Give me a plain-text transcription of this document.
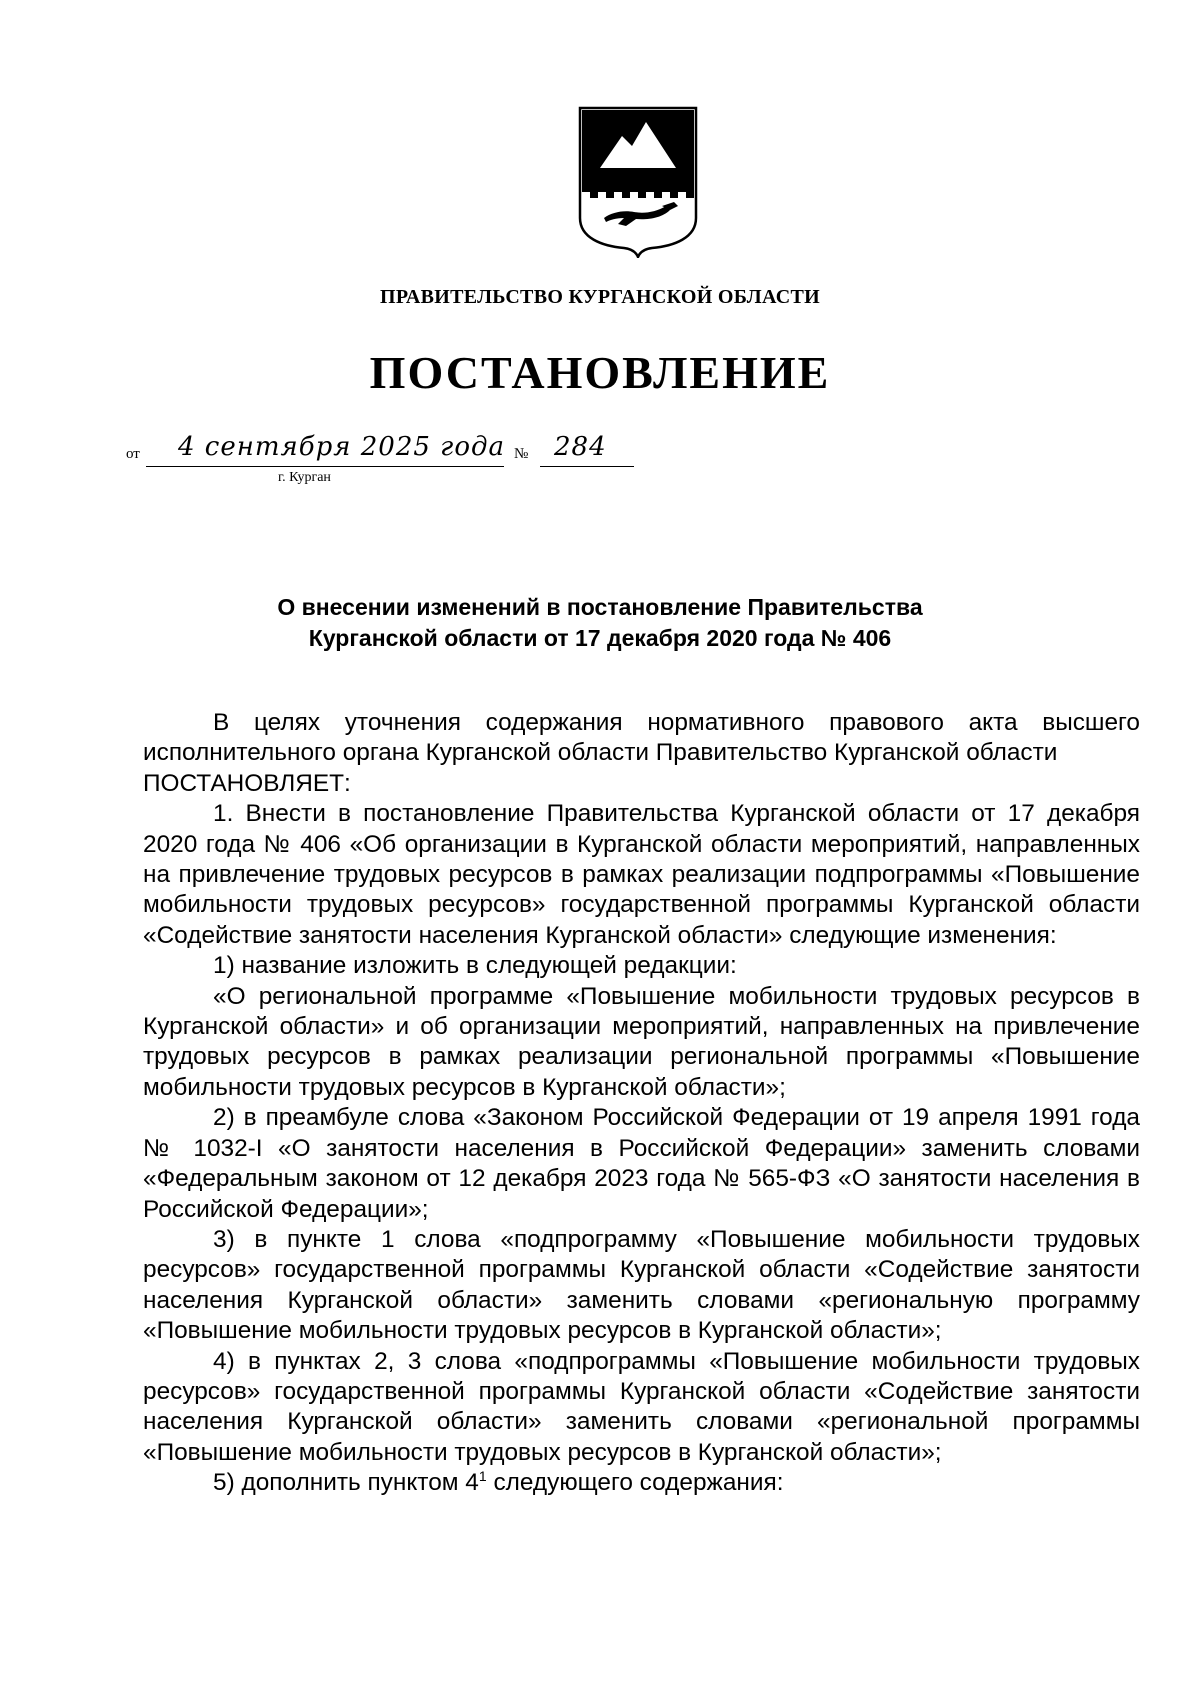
ПРАВИТЕЛЬСТВО КУРГАНСКОЙ ОБЛАСТИ
ПОСТАНОВЛЕНИЕ
от 4 сентября 2025 года № 284
г. Курган
О внесении изменений в постановление Правительства
Курганской области от 17 декабря 2020 года № 406

В целях уточнения содержания нормативного правового акта высшего исполнительного органа Курганской области Правительство Курганской области

ПОСТАНОВЛЯЕТ:

1. Внести в постановление Правительства Курганской области от 17 декабря 2020 года № 406 «Об организации в Курганской области мероприятий, направленных на привлечение трудовых ресурсов в рамках реализации подпрограммы «Повышение мобильности трудовых ресурсов» государственной программы Курганской области «Содействие занятости населения Курганской области» следующие изменения:

1) название изложить в следующей редакции:

«О региональной программе «Повышение мобильности трудовых ресурсов в Курганской области» и об организации мероприятий, направленных на привлечение трудовых ресурсов в рамках реализации региональной программы «Повышение мобильности трудовых ресурсов в Курганской области»;

2) в преамбуле слова «Законом Российской Федерации от 19 апреля 1991 года № 1032-I «О занятости населения в Российской Федерации» заменить словами «Федеральным законом от 12 декабря 2023 года № 565-ФЗ «О занятости населения в Российской Федерации»;

3) в пункте 1 слова «подпрограмму «Повышение мобильности трудовых ресурсов» государственной программы Курганской области «Содействие занятости населения Курганской области» заменить словами «региональную программу «Повышение мобильности трудовых ресурсов в Курганской области»;

4) в пунктах 2, 3 слова «подпрограммы «Повышение мобильности трудовых ресурсов» государственной программы Курганской области «Содействие занятости населения Курганской области» заменить словами «региональной программы «Повышение мобильности трудовых ресурсов в Курганской области»;

5) дополнить пунктом $4^1$ следующего содержания:
